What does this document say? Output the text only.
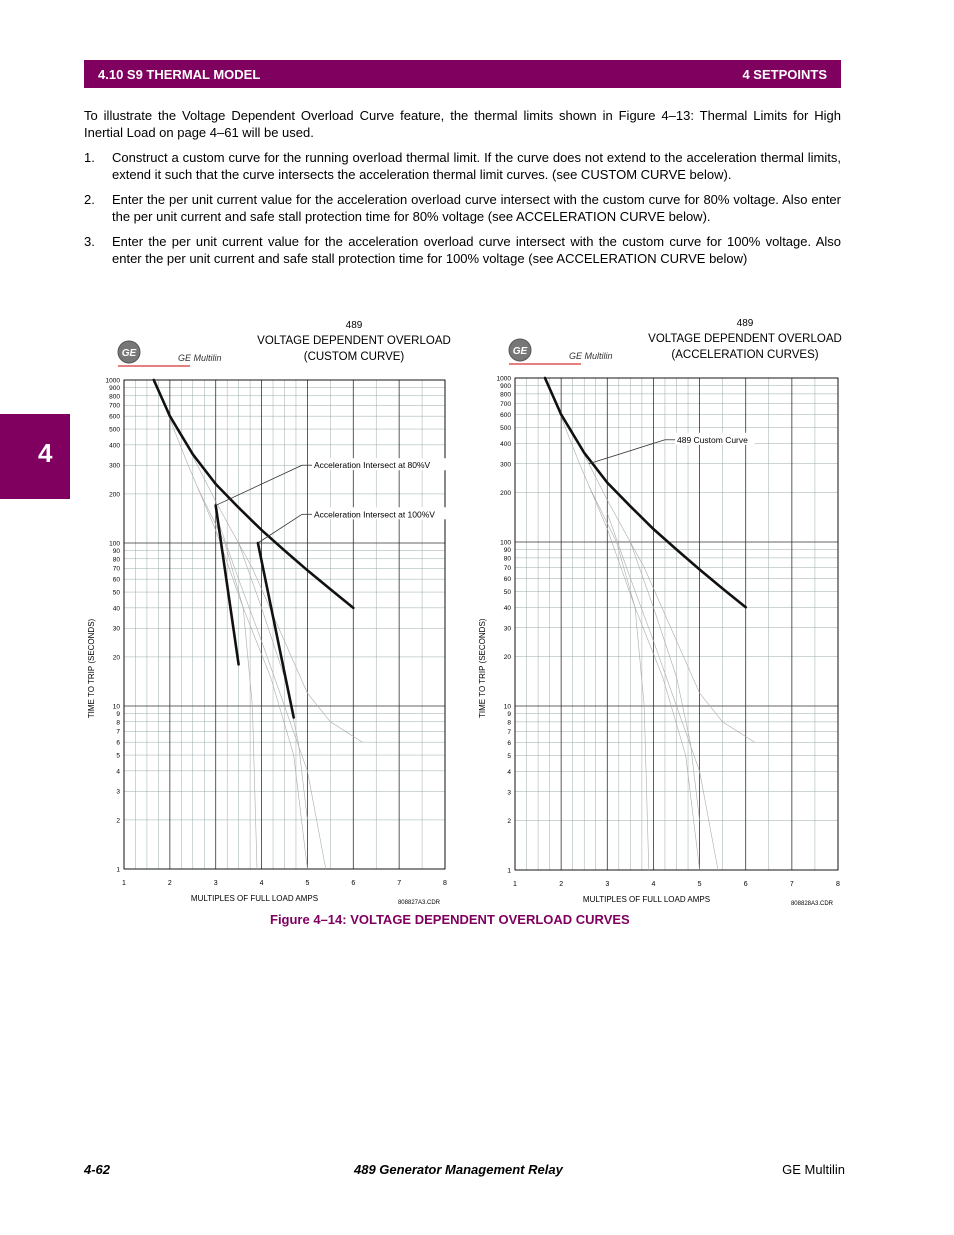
4.10 S9 THERMAL MODEL	4 SETPOINTS
4

To illustrate the Voltage Dependent Overload Curve feature, the thermal limits shown in Figure 4–13: Thermal Limits for High Inertial Load on page 4–61 will be used.

1.	Construct a custom curve for the running overload thermal limit. If the curve does not extend to the acceleration thermal limits, extend it such that the curve intersects the acceleration thermal limit curves. (see CUSTOM CURVE below).
2.	Enter the per unit current value for the acceleration overload curve intersect with the custom curve for 80% voltage. Also enter the per unit current and safe stall protection time for 80% voltage (see ACCELERATION CURVE below).
3.	Enter the per unit current value for the acceleration overload curve intersect with the custom curve for 100% voltage. Also enter the per unit current and safe stall protection time for 100% voltage (see ACCELERATION CURVE below)
GE	GE Multilin
489
VOLTAGE DEPENDENT OVERLOAD
(CUSTOM CURVE)
Acceleration Intersect at 80%V
Acceleration Intersect at 100%V
1	2	3	4	5	6	7	8
1000
900
800
700
600
500
400
300
200
100
90
80
70
60
50
40
30
20
10
9
8
7
6
5
4
3
2
1
MULTIPLES OF FULL LOAD AMPS
TIME TO TRIP (SECONDS)
808827A3.CDR
GE	GE Multilin
489
VOLTAGE DEPENDENT OVERLOAD
(ACCELERATION CURVES)
489 Custom Curve
1	2	3	4	5	6	7	8
1000
900
800
700
600
500
400
300
200
100
90
80
70
60
50
40
30
20
10
9
8
7
6
5
4
3
2
1
MULTIPLES OF FULL LOAD AMPS
TIME TO TRIP (SECONDS)
808828A3.CDR
Figure 4–14: VOLTAGE DEPENDENT OVERLOAD CURVES
4-62	489 Generator Management Relay	GE Multilin
